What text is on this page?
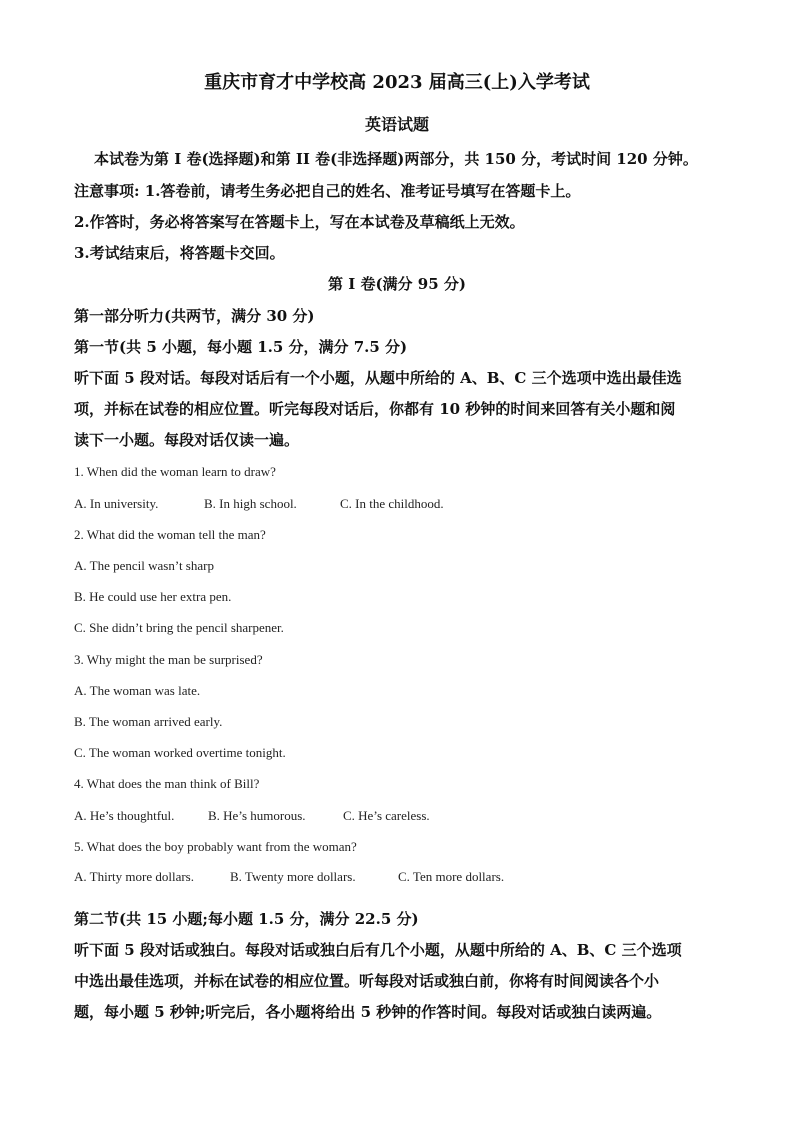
重庆市育才中学校高 2023 届高三(上)入学考试
英语试题
本试卷为第 I 卷(选择题)和第 II 卷(非选择题)两部分，共 150 分，考试时间 120 分钟。
注意事项: 1.答卷前，请考生务必把自己的姓名、准考证号填写在答题卡上。
2.作答时，务必将答案写在答题卡上，写在本试卷及草稿纸上无效。
3.考试结束后，将答题卡交回。
第 I 卷(满分 95 分)
第一部分听力(共两节，满分 30 分)
第一节(共 5 小题，每小题 1.5 分，满分 7.5 分)
听下面 5 段对话。每段对话后有一个小题，从题中所给的 A、B、C 三个选项中选出最佳选
项，并标在试卷的相应位置。听完每段对话后，你都有 10 秒钟的时间来回答有关小题和阅
读下一小题。每段对话仅读一遍。
1. When did the woman learn to draw?
A. In university.	B. In high school.	C. In the childhood.
2. What did the woman tell the man?
A. The pencil wasn’t sharp
B. He could use her extra pen.
C. She didn’t bring the pencil sharpener.
3. Why might the man be surprised?
A. The woman was late.
B. The woman arrived early.
C. The woman worked overtime tonight.
4. What does the man think of Bill?
A. He’s thoughtful.	B. He’s humorous.	C. He’s careless.
5. What does the boy probably want from the woman?
A. Thirty more dollars.	B. Twenty more dollars.	C. Ten more dollars.
第二节(共 15 小题;每小题 1.5 分，满分 22.5 分)
听下面 5 段对话或独白。每段对话或独白后有几个小题，从题中所给的 A、B、C 三个选项
中选出最佳选项，并标在试卷的相应位置。听每段对话或独白前，你将有时间阅读各个小
题，每小题 5 秒钟;听完后，各小题将给出 5 秒钟的作答时间。每段对话或独白读两遍。
